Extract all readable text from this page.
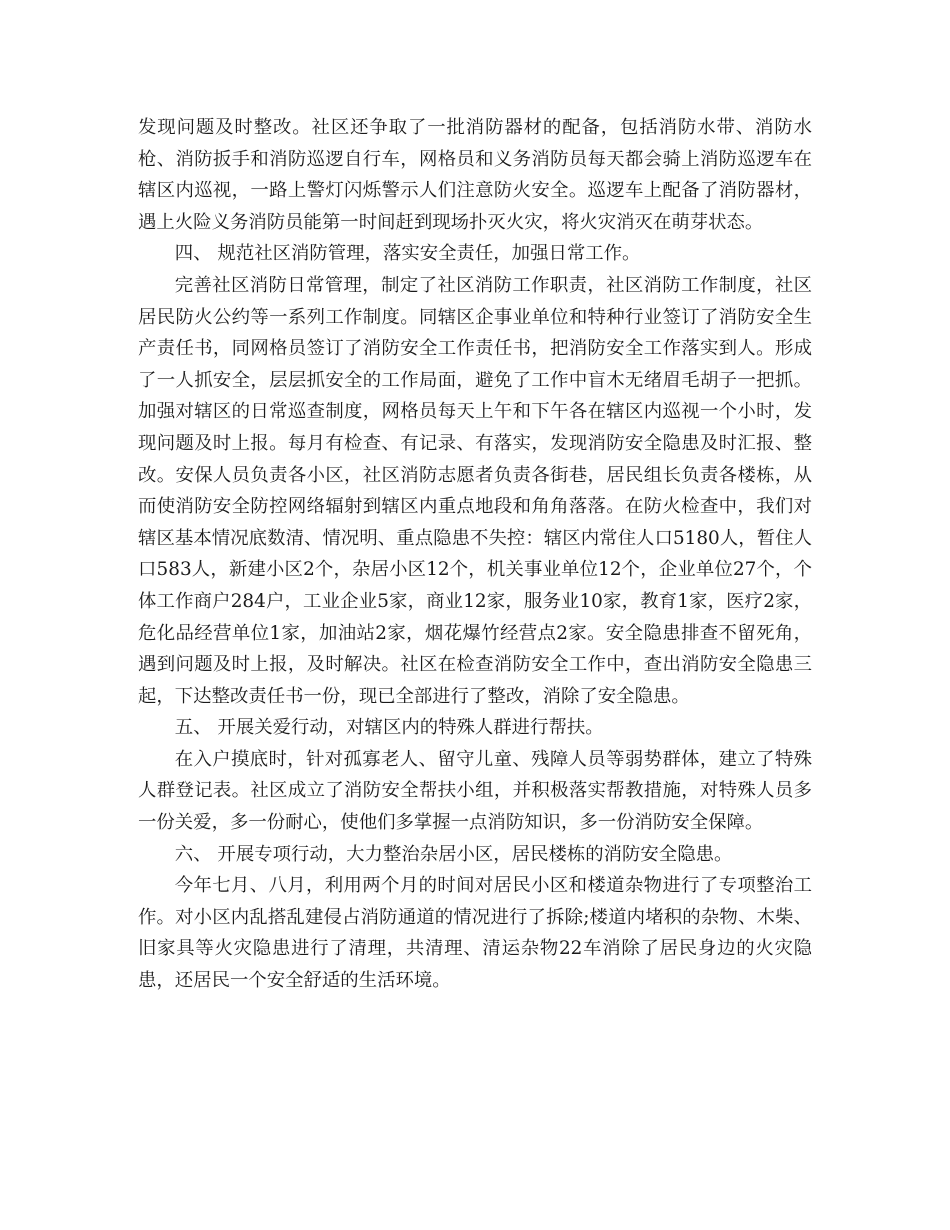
发现问题及时整改。社区还争取了一批消防器材的配备，包括消防水带、消防水枪、消防扳手和消防巡逻自行车，网格员和义务消防员每天都会骑上消防巡逻车在辖区内巡视，一路上警灯闪烁警示人们注意防火安全。巡逻车上配备了消防器材，遇上火险义务消防员能第一时间赶到现场扑灭火灾，将火灾消灭在萌芽状态。

四、 规范社区消防管理，落实安全责任，加强日常工作。

完善社区消防日常管理，制定了社区消防工作职责，社区消防工作制度，社区居民防火公约等一系列工作制度。同辖区企事业单位和特种行业签订了消防安全生产责任书，同网格员签订了消防安全工作责任书，把消防安全工作落实到人。形成了一人抓安全，层层抓安全的工作局面，避免了工作中盲木无绪眉毛胡子一把抓。加强对辖区的日常巡查制度，网格员每天上午和下午各在辖区内巡视一个小时，发现问题及时上报。每月有检查、有记录、有落实，发现消防安全隐患及时汇报、整改。安保人员负责各小区，社区消防志愿者负责各街巷，居民组长负责各楼栋，从而使消防安全防控网络辐射到辖区内重点地段和角角落落。在防火检查中，我们对辖区基本情况底数清、情况明、重点隐患不失控：辖区内常住人口5180人，暂住人口583人，新建小区2个，杂居小区12个，机关事业单位12个，企业单位27个，个体工作商户284户，工业企业5家，商业12家，服务业10家，教育1家，医疗2家，危化品经营单位1家，加油站2家，烟花爆竹经营点2家。安全隐患排查不留死角，遇到问题及时上报，及时解决。社区在检查消防安全工作中，查出消防安全隐患三起，下达整改责任书一份，现已全部进行了整改，消除了安全隐患。

五、 开展关爱行动，对辖区内的特殊人群进行帮扶。

在入户摸底时，针对孤寡老人、留守儿童、残障人员等弱势群体，建立了特殊人群登记表。社区成立了消防安全帮扶小组，并积极落实帮教措施，对特殊人员多一份关爱，多一份耐心，使他们多掌握一点消防知识，多一份消防安全保障。

六、 开展专项行动，大力整治杂居小区，居民楼栋的消防安全隐患。

今年七月、八月，利用两个月的时间对居民小区和楼道杂物进行了专项整治工作。对小区内乱搭乱建侵占消防通道的情况进行了拆除;楼道内堵积的杂物、木柴、旧家具等火灾隐患进行了清理，共清理、清运杂物22车消除了居民身边的火灾隐患，还居民一个安全舒适的生活环境。
